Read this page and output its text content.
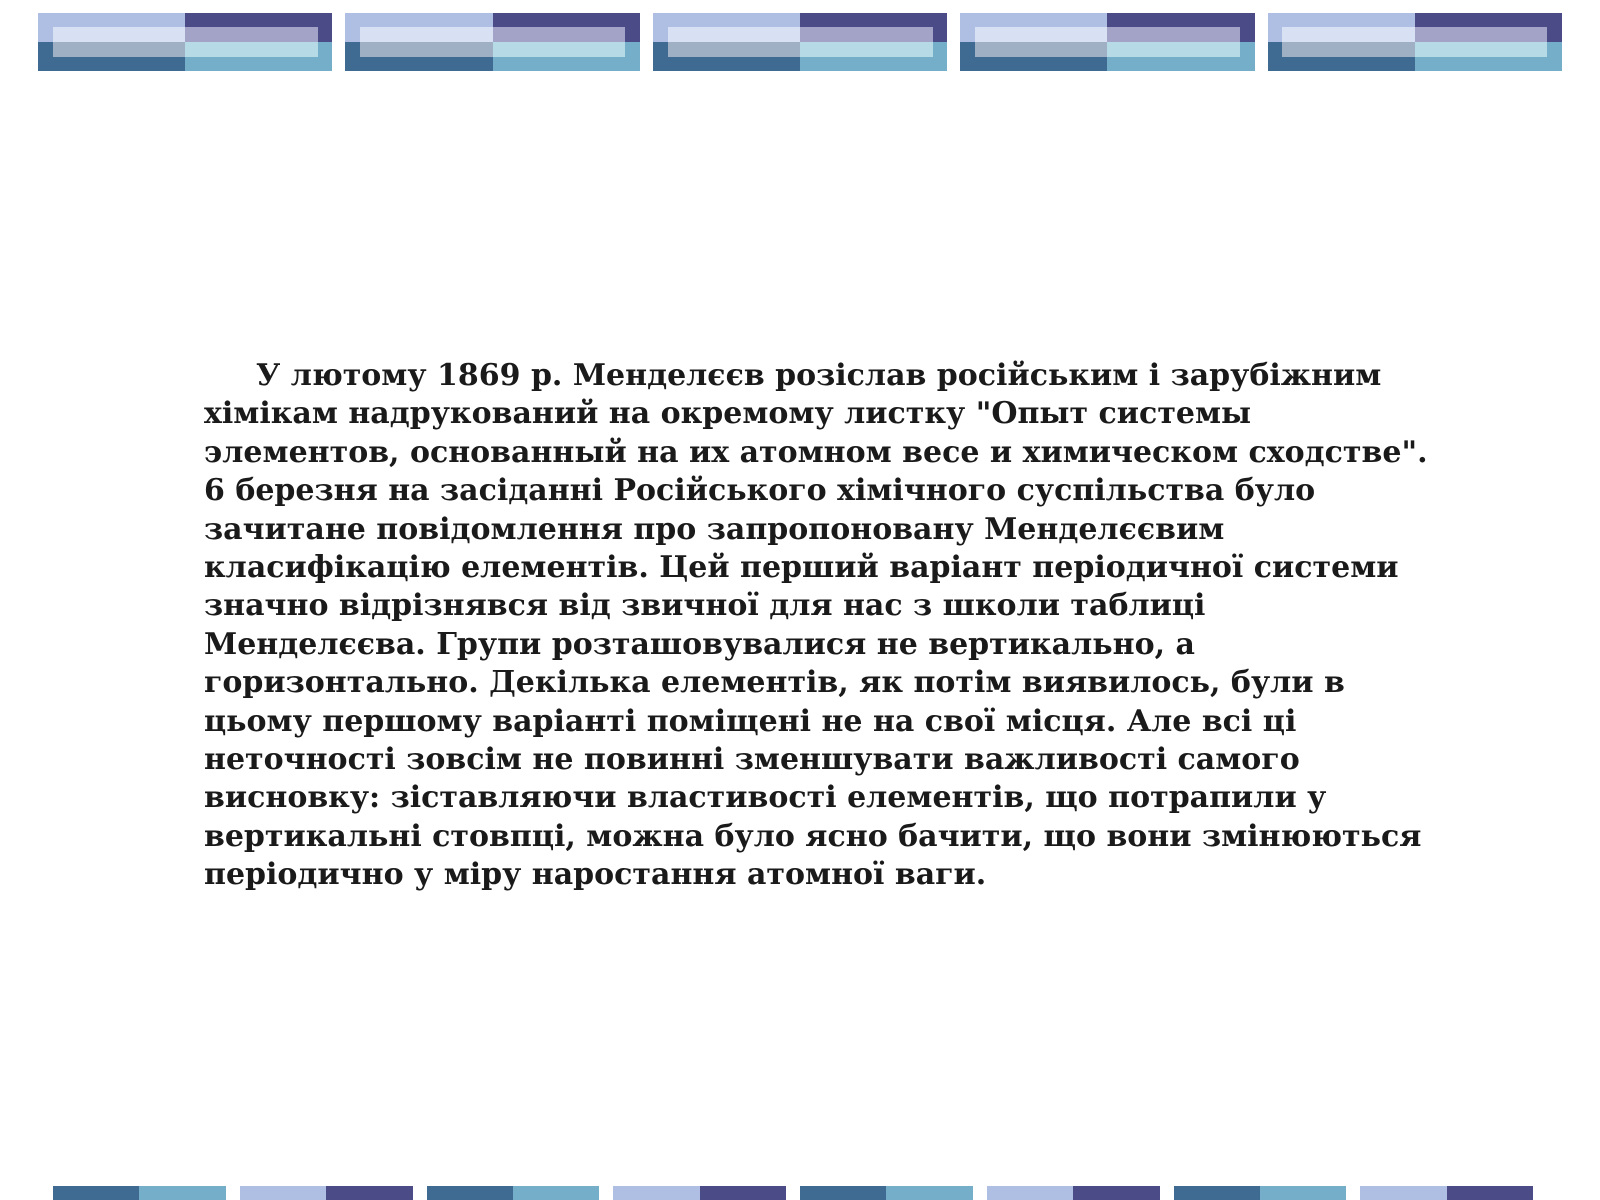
У лютому 1869 р. Менделєєв розіслав російським і зарубіжним хімікам надрукований на окремому листку "Опыт системы элементов, основанный на их атомном весе и химическом сходстве". 6 березня на засіданні Російського хімічного суспільства було зачитане повідомлення про запропоновану Менделєєвим класифікацію елементів. Цей перший варіант періодичної системи значно відрізнявся від звичної для нас з школи таблиці Менделєєва. Групи розташовувалися не вертикально, а горизонтально. Декілька елементів, як потім виявилось, були в цьому першому варіанті поміщені не на свої місця. Але всі ці неточності зовсім не повинні зменшувати важливості самого висновку: зіставляючи властивості елементів, що потрапили у вертикальні стовпці, можна було ясно бачити, що вони змінюються періодично у міру наростання атомної ваги.
